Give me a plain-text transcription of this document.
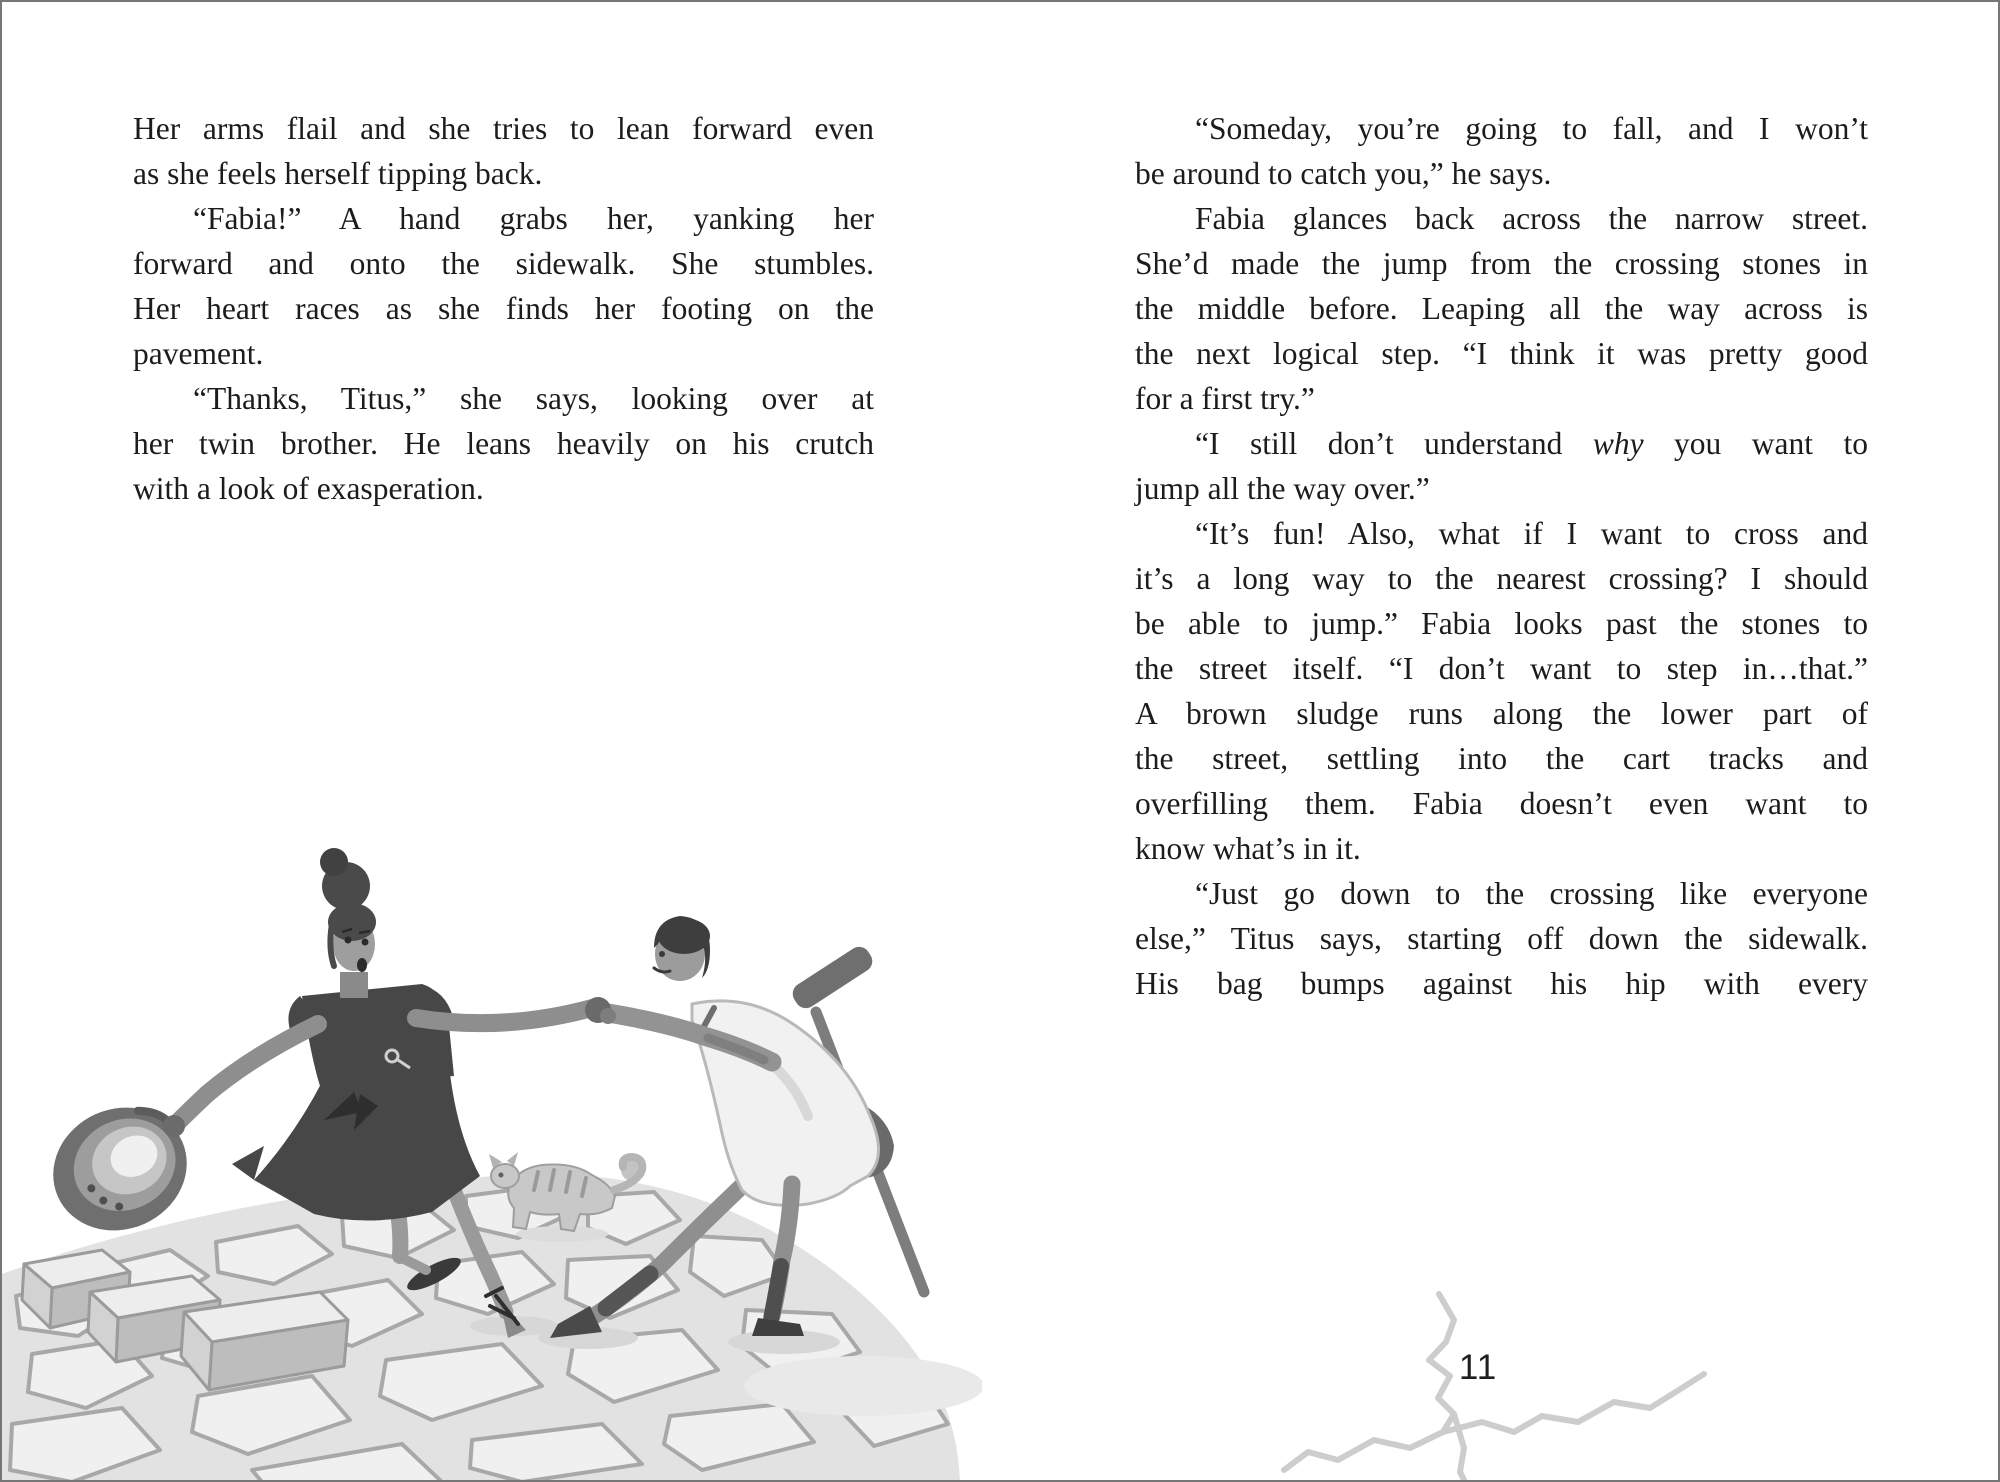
Her arms flail and she tries to lean forward even
as she feels herself tipping back.
“Fabia!” A hand grabs her, yanking her
forward and onto the sidewalk. She stumbles.
Her heart races as she finds her footing on the
pavement.
“Thanks, Titus,” she says, looking over at
her twin brother. He leans heavily on his crutch
with a look of exasperation.
“Someday, you’re going to fall, and I won’t
be around to catch you,” he says.
Fabia glances back across the narrow street.
She’d made the jump from the crossing stones in
the middle before. Leaping all the way across is
the next logical step. “I think it was pretty good
for a first try.”
“I still don’t understand why you want to
jump all the way over.”
“It’s fun! Also, what if I want to cross and
it’s a long way to the nearest crossing? I should
be able to jump.” Fabia looks past the stones to
the street itself. “I don’t want to step in…that.”
A brown sludge runs along the lower part of
the street, settling into the cart tracks and
overfilling them. Fabia doesn’t even want to
know what’s in it.
“Just go down to the crossing like everyone
else,” Titus says, starting off down the sidewalk.
His bag bumps against his hip with every
11
